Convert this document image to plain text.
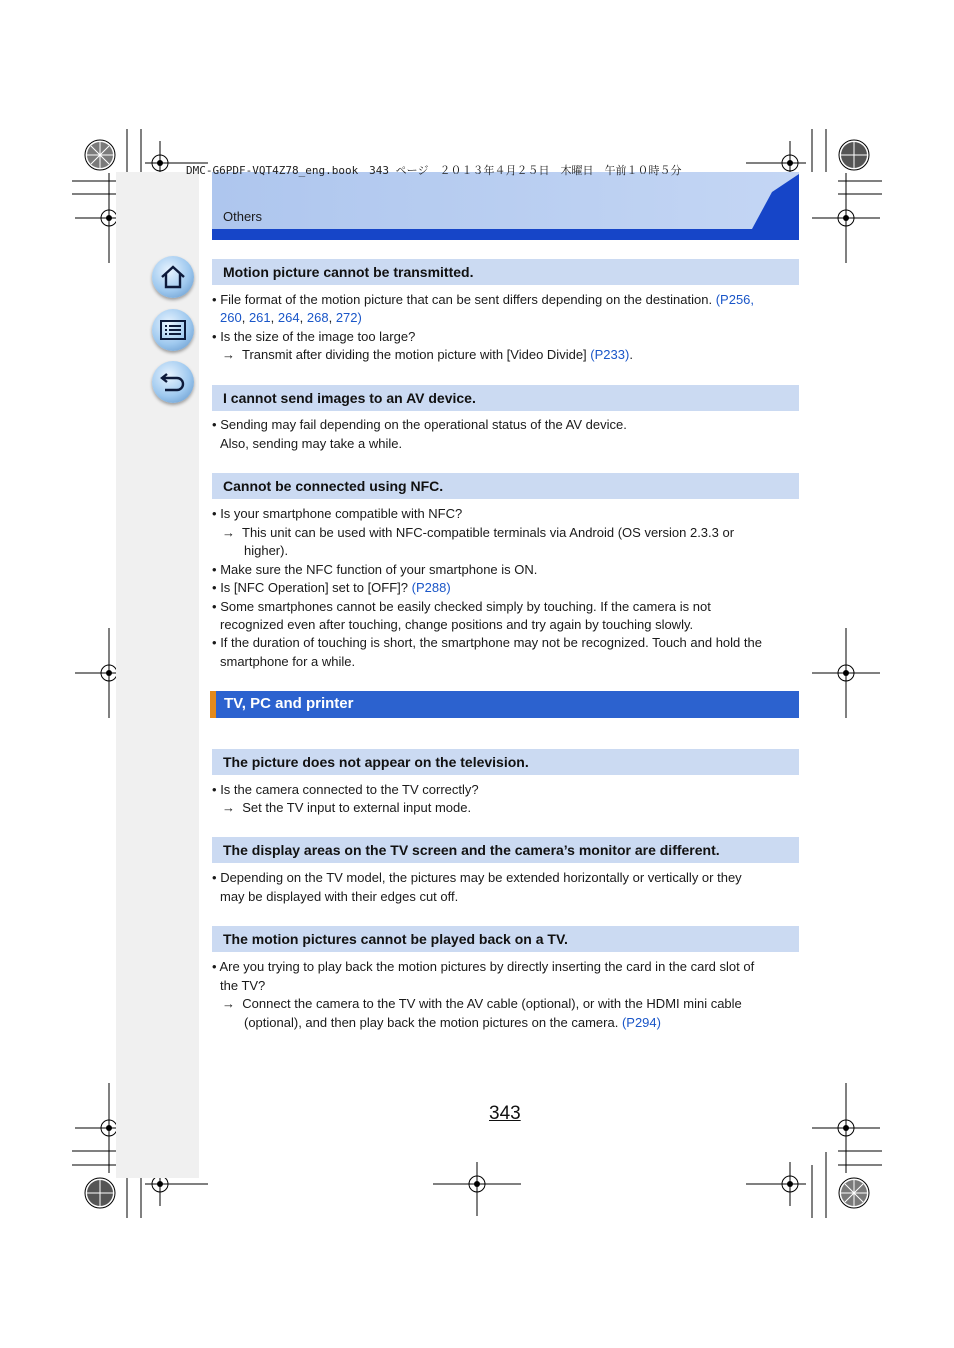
Others
DMC-G6PDF-VQT4Z78_eng.book　343 ページ　２０１３年４月２５日　木曜日　午前１０時５分
Motion picture cannot be transmitted.
• File format of the motion picture that can be sent differs depending on the destination. (P256,
260, 261, 264, 268, 272)
• Is the size of the image too large?
→ Transmit after dividing the motion picture with [Video Divide] (P233).
I cannot send images to an AV device.
• Sending may fail depending on the operational status of the AV device.
Also, sending may take a while.
Cannot be connected using NFC.
• Is your smartphone compatible with NFC?
→ This unit can be used with NFC-compatible terminals via Android (OS version 2.3.3 or
higher).
• Make sure the NFC function of your smartphone is ON.
• Is [NFC Operation] set to [OFF]? (P288)
• Some smartphones cannot be easily checked simply by touching. If the camera is not
recognized even after touching, change positions and try again by touching slowly.
• If the duration of touching is short, the smartphone may not be recognized. Touch and hold the
smartphone for a while.
TV, PC and printer
The picture does not appear on the television.
• Is the camera connected to the TV correctly?
→ Set the TV input to external input mode.
The display areas on the TV screen and the camera’s monitor are different.
• Depending on the TV model, the pictures may be extended horizontally or vertically or they
may be displayed with their edges cut off.
The motion pictures cannot be played back on a TV.
• Are you trying to play back the motion pictures by directly inserting the card in the card slot of
the TV?
→ Connect the camera to the TV with the AV cable (optional), or with the HDMI mini cable
(optional), and then play back the motion pictures on the camera. (P294)
343
